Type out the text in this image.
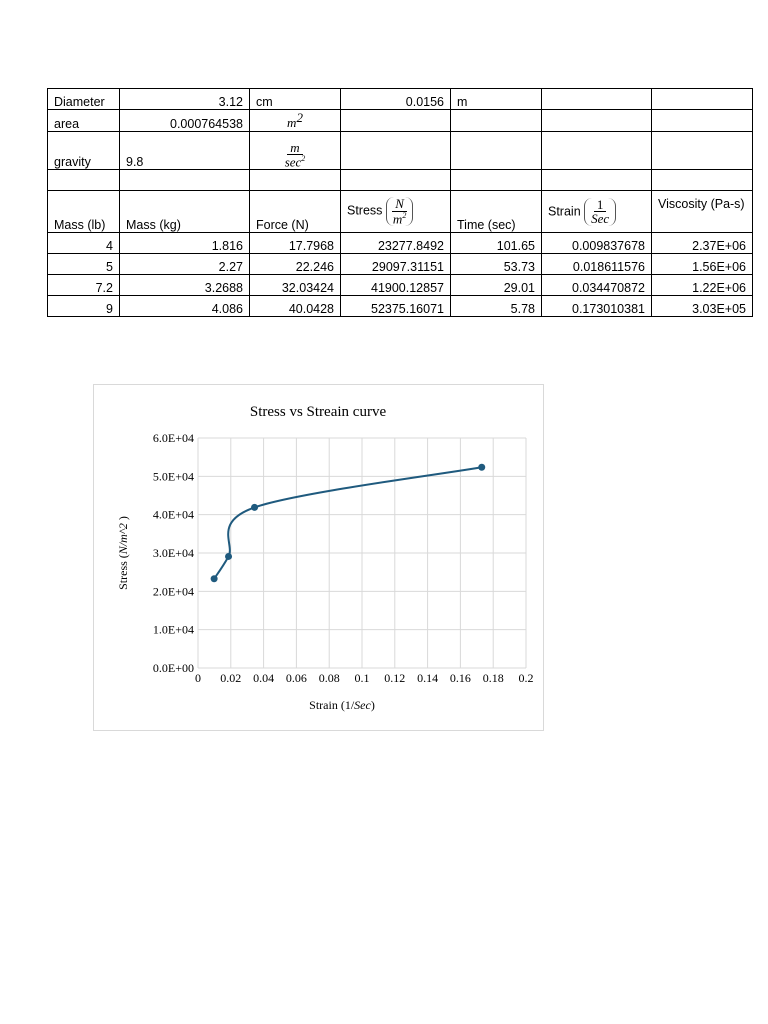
Diameter	3.12	cm	0.0156	m		
area	0.000764538	$m^2$				
gravity	9.8	$\frac{m}{\sec^2}$

Mass (lb)	Mass (kg)	Force (N)	Stress $\frac{N}{m^2}$	Time (sec)	Strain $\frac{1}{\text{Sec}}$	Viscosity (Pa-s)
4	1.816	17.7968	23277.8492	101.65	0.009837678	2.37E+06
5	2.27	22.246	29097.31151	53.73	0.018611576	1.56E+06
7.2	3.2688	32.03424	41900.12857	29.01	0.034470872	1.22E+06
9	4.086	40.0428	52375.16071	5.78	0.173010381	3.03E+05
0 0.02 0.04 0.06 0.08 0.1 0.12 0.14 0.16 0.18 0.2
0.0E+00
1.0E+04
2.0E+04
3.0E+04
4.0E+04
5.0E+04
6.0E+04
Stress vs Streain curve
Strain (1/Sec)
Stress (N/m^2 )
